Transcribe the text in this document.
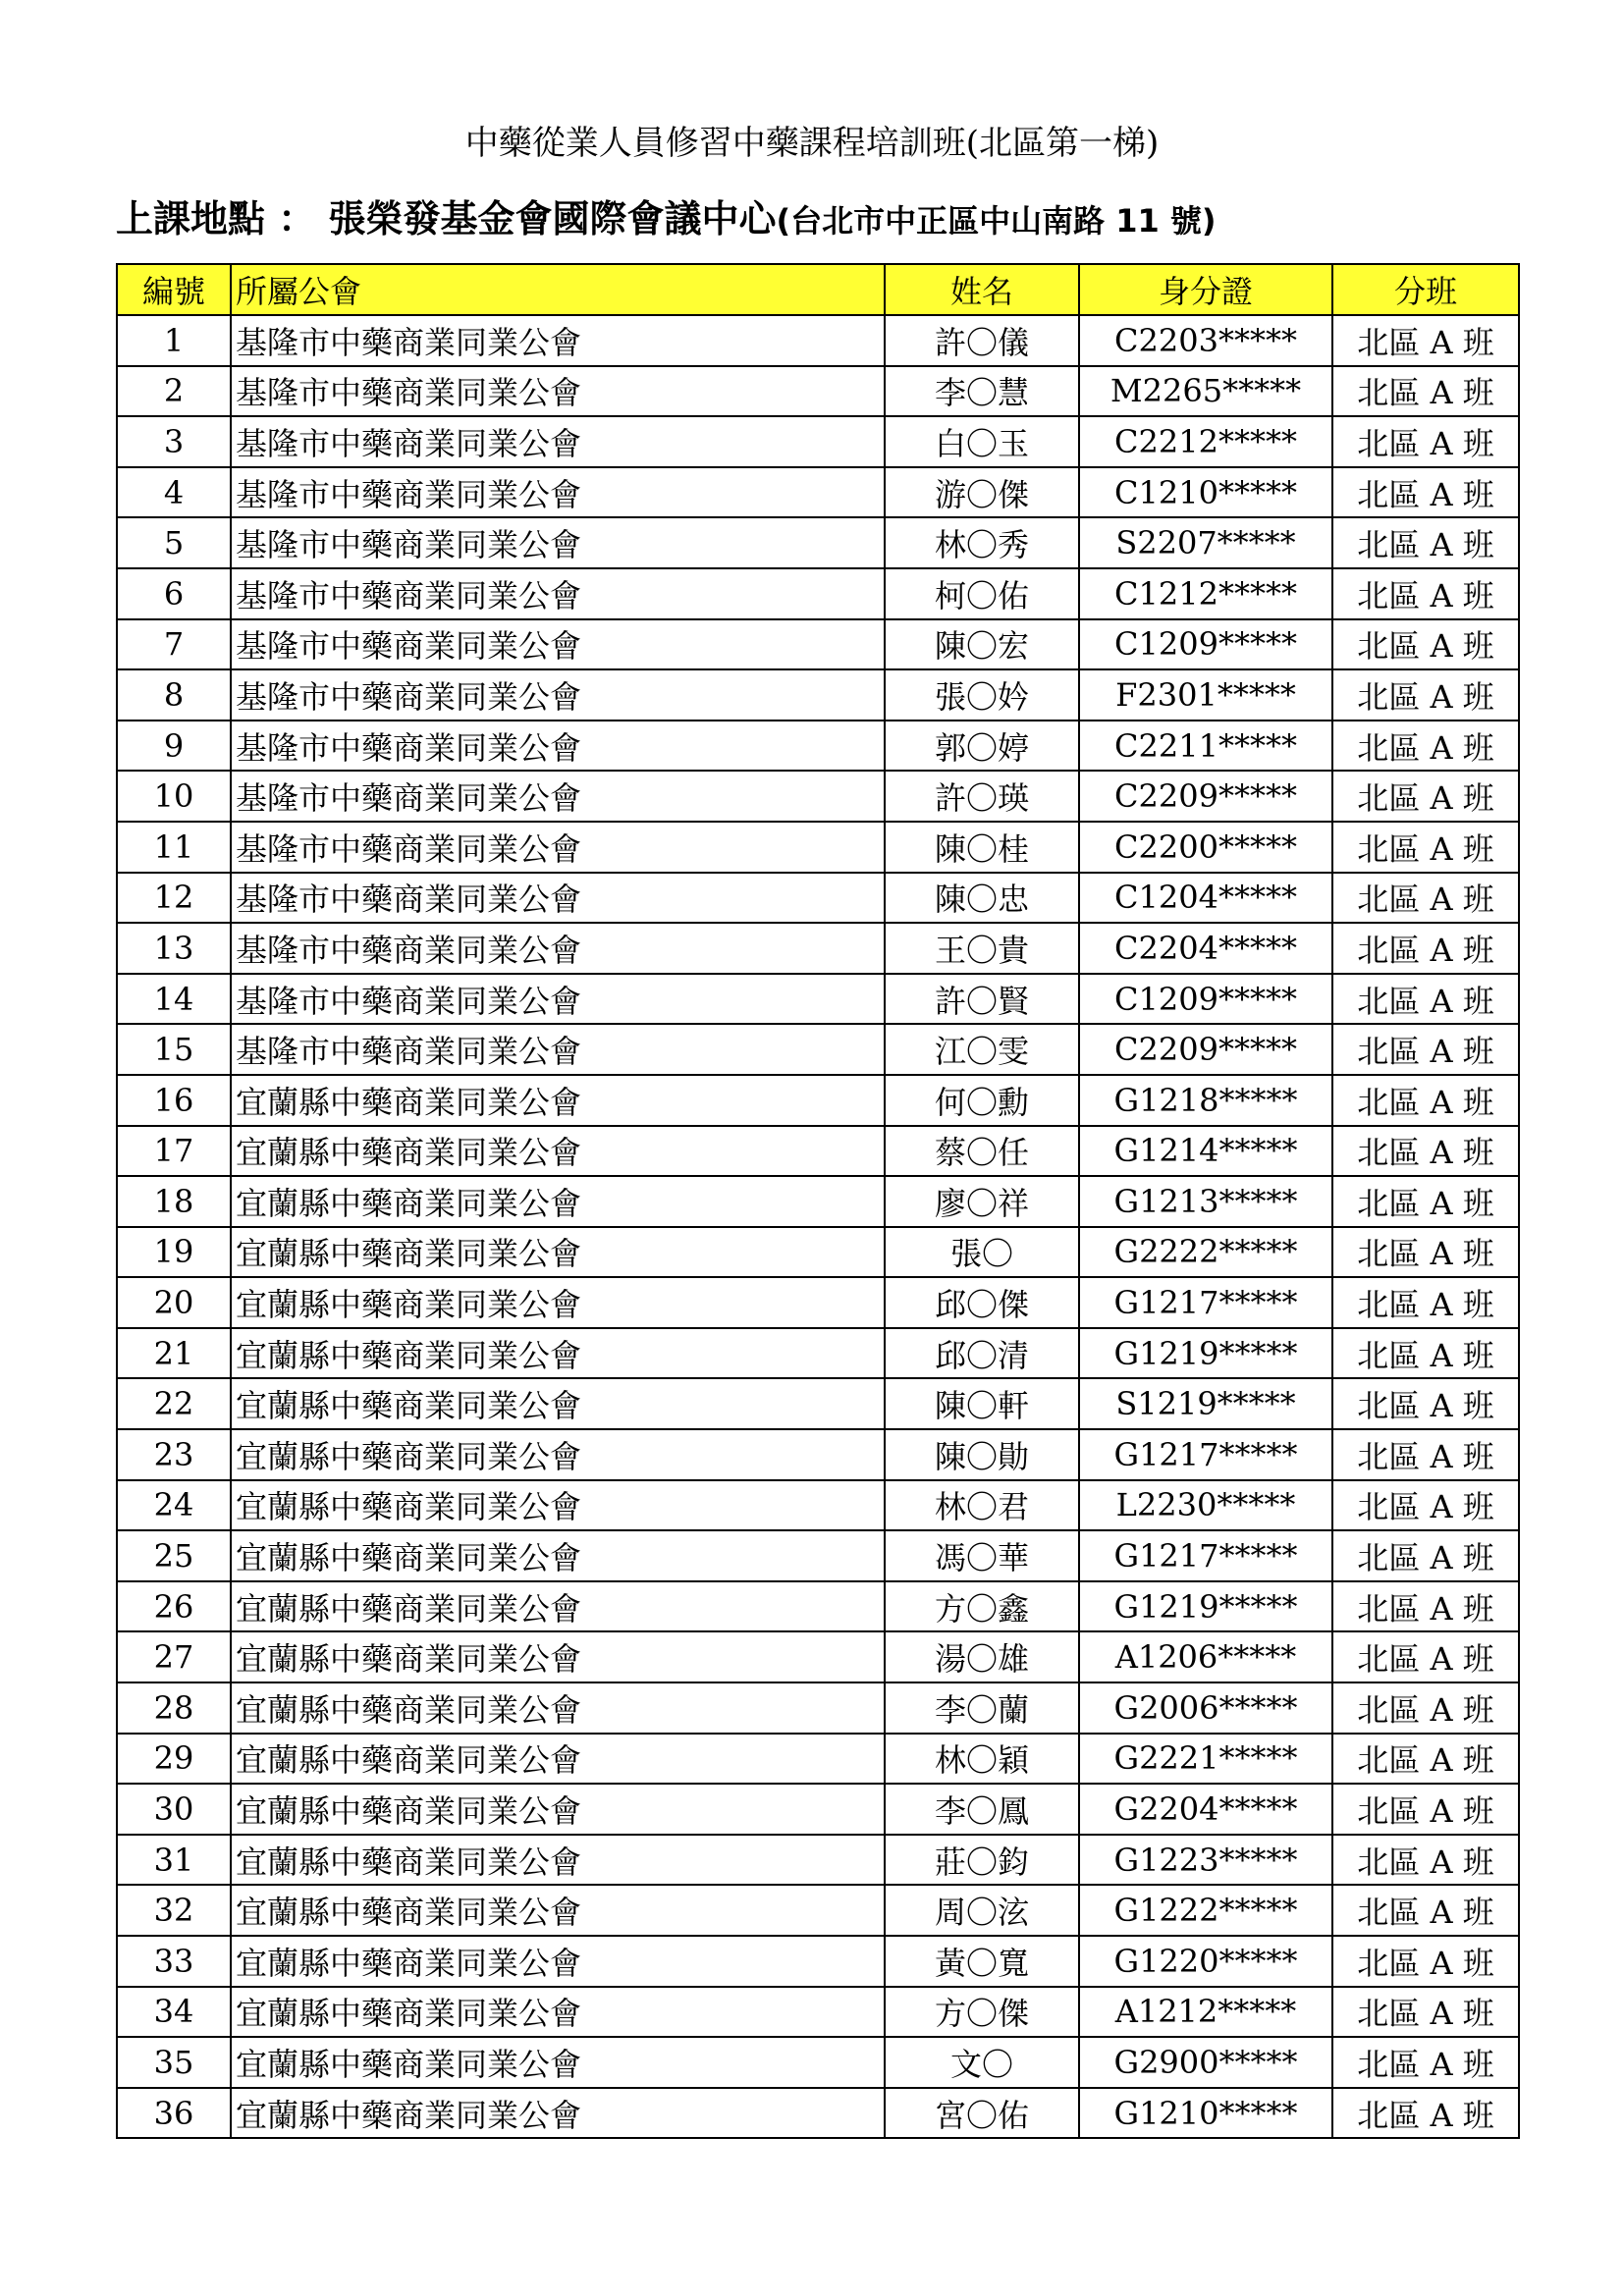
中藥從業人員修習中藥課程培訓班(北區第一梯)
上課地點 ： 張榮發基金會國際會議中心(台北市中正區中山南路 11 號)
編號	所屬公會	姓名	身分證	分班
1	基隆市中藥商業同業公會	許〇儀	C2203*****	北區 A 班
2	基隆市中藥商業同業公會	李〇慧	M2265*****	北區 A 班
3	基隆市中藥商業同業公會	白〇玉	C2212*****	北區 A 班
4	基隆市中藥商業同業公會	游〇傑	C1210*****	北區 A 班
5	基隆市中藥商業同業公會	林〇秀	S2207*****	北區 A 班
6	基隆市中藥商業同業公會	柯〇佑	C1212*****	北區 A 班
7	基隆市中藥商業同業公會	陳〇宏	C1209*****	北區 A 班
8	基隆市中藥商業同業公會	張〇妗	F2301*****	北區 A 班
9	基隆市中藥商業同業公會	郭〇婷	C2211*****	北區 A 班
10	基隆市中藥商業同業公會	許〇瑛	C2209*****	北區 A 班
11	基隆市中藥商業同業公會	陳〇桂	C2200*****	北區 A 班
12	基隆市中藥商業同業公會	陳〇忠	C1204*****	北區 A 班
13	基隆市中藥商業同業公會	王〇貴	C2204*****	北區 A 班
14	基隆市中藥商業同業公會	許〇賢	C1209*****	北區 A 班
15	基隆市中藥商業同業公會	江〇雯	C2209*****	北區 A 班
16	宜蘭縣中藥商業同業公會	何〇勳	G1218*****	北區 A 班
17	宜蘭縣中藥商業同業公會	蔡〇任	G1214*****	北區 A 班
18	宜蘭縣中藥商業同業公會	廖〇祥	G1213*****	北區 A 班
19	宜蘭縣中藥商業同業公會	張〇	G2222*****	北區 A 班
20	宜蘭縣中藥商業同業公會	邱〇傑	G1217*****	北區 A 班
21	宜蘭縣中藥商業同業公會	邱〇清	G1219*****	北區 A 班
22	宜蘭縣中藥商業同業公會	陳〇軒	S1219*****	北區 A 班
23	宜蘭縣中藥商業同業公會	陳〇勛	G1217*****	北區 A 班
24	宜蘭縣中藥商業同業公會	林〇君	L2230*****	北區 A 班
25	宜蘭縣中藥商業同業公會	馮〇華	G1217*****	北區 A 班
26	宜蘭縣中藥商業同業公會	方〇鑫	G1219*****	北區 A 班
27	宜蘭縣中藥商業同業公會	湯〇雄	A1206*****	北區 A 班
28	宜蘭縣中藥商業同業公會	李〇蘭	G2006*****	北區 A 班
29	宜蘭縣中藥商業同業公會	林〇穎	G2221*****	北區 A 班
30	宜蘭縣中藥商業同業公會	李〇鳳	G2204*****	北區 A 班
31	宜蘭縣中藥商業同業公會	莊〇鈞	G1223*****	北區 A 班
32	宜蘭縣中藥商業同業公會	周〇泫	G1222*****	北區 A 班
33	宜蘭縣中藥商業同業公會	黃〇寬	G1220*****	北區 A 班
34	宜蘭縣中藥商業同業公會	方〇傑	A1212*****	北區 A 班
35	宜蘭縣中藥商業同業公會	文〇	G2900*****	北區 A 班
36	宜蘭縣中藥商業同業公會	宮〇佑	G1210*****	北區 A 班
